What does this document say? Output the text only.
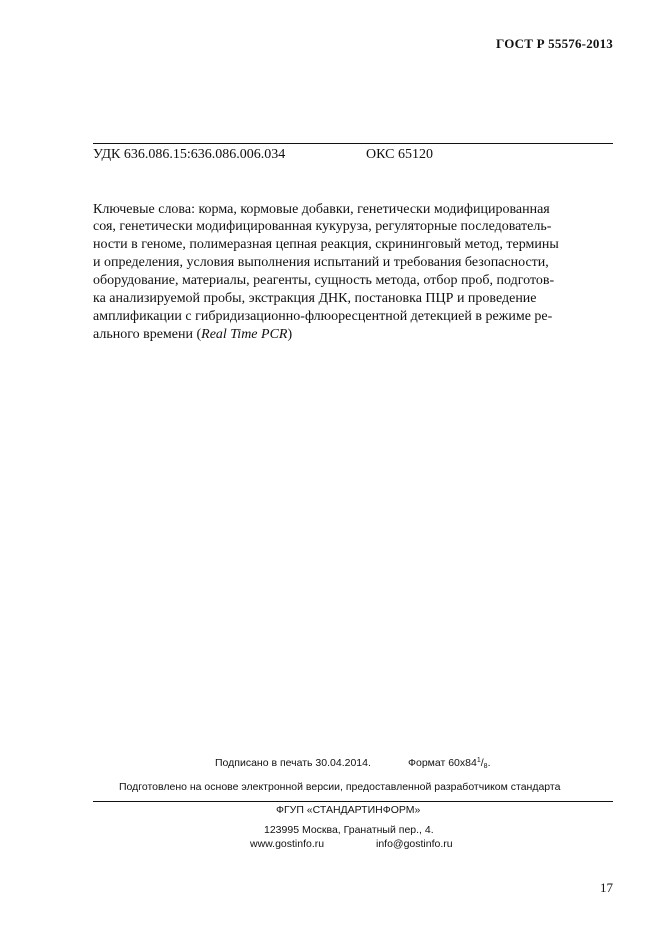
ГОСТ Р 55576-2013
УДК 636.086.15:636.086.006.034	ОКС 65120
Ключевые слова: корма, кормовые добавки, генетически модифицированная
соя, генетически модифицированная кукуруза, регуляторные последователь-
ности в геноме, полимеразная цепная реакция, скрининговый метод, термины
и определения, условия выполнения испытаний и требования безопасности,
оборудование, материалы, реагенты, сущность метода, отбор проб, подготов-
ка анализируемой пробы, экстракция ДНК, постановка ПЦР и проведение
амплификации с гибридизационно-флюоресцентной детекцией в режиме ре-
ального времени (Real Time PCR)
Подписано в печать 30.04.2014.	Формат $60x84^1/_8$.
Подготовлено на основе электронной версии, предоставленной разработчиком стандарта
ФГУП «СТАНДАРТИНФОРМ»
123995 Москва, Гранатный пер., 4.
www.gostinfo.ru	info@gostinfo.ru
17
